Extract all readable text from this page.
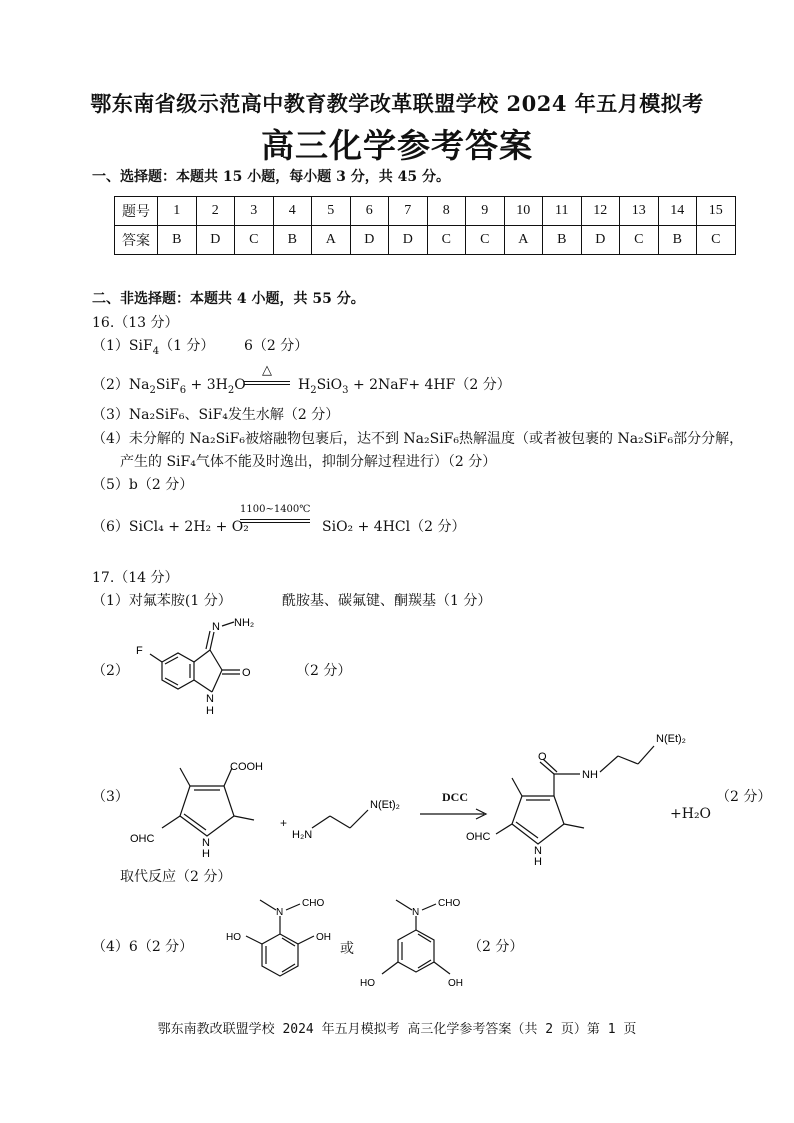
鄂东南省级示范高中教育教学改革联盟学校 2024 年五月模拟考
高三化学参考答案
一、选择题：本题共 15 小题，每小题 3 分，共 45 分。
题号	1	2	3	4	5	6	7	8	9	10	11	12	13	14	15
答案	B	D	C	B	A	D	D	C	C	A	B	D	C	B	C
二、非选择题：本题共 4 小题，共 55 分。
16.（13 分）
（1）SiF$_4$（1 分） 6（2 分）
$(2)Na_2SiF_6 + 3H_2O$
△
$H_2SiO_3 + 2NaF+ 4HF(2$ 分）
（3）Na₂SiF₆、SiF₄发生水解（2 分）
（4）未分解的 Na₂SiF₆被熔融物包裹后，达不到 Na₂SiF₆热解温度（或者被包裹的 Na₂SiF₆部分分解，
产生的 SiF₄气体不能及时逸出，抑制分解过程进行）（2 分）
（5）b（2 分）
（6）SiCl₄ + 2H₂ + O₂
1100~1400℃
SiO₂ + 4HCl（2 分）
17.（14 分）
（1）对氟苯胺(1 分）	酰胺基、碳氟键、酮羰基（1 分）
（2）	（2 分）
F
N NH₂
O
N
H
（3）
COOH
OHC	N
H
+
H₂N
N(Et)₂
DCC
O
NH
N(Et)₂
OHC
N
H
+H₂O
（2 分）
取代反应（2 分）
（4）6（2 分）
N
CHO
HO	OH
或
N
CHO
HO	OH
（2 分）
鄂东南教改联盟学校 2024 年五月模拟考 高三化学参考答案（共 2 页）第 1 页
